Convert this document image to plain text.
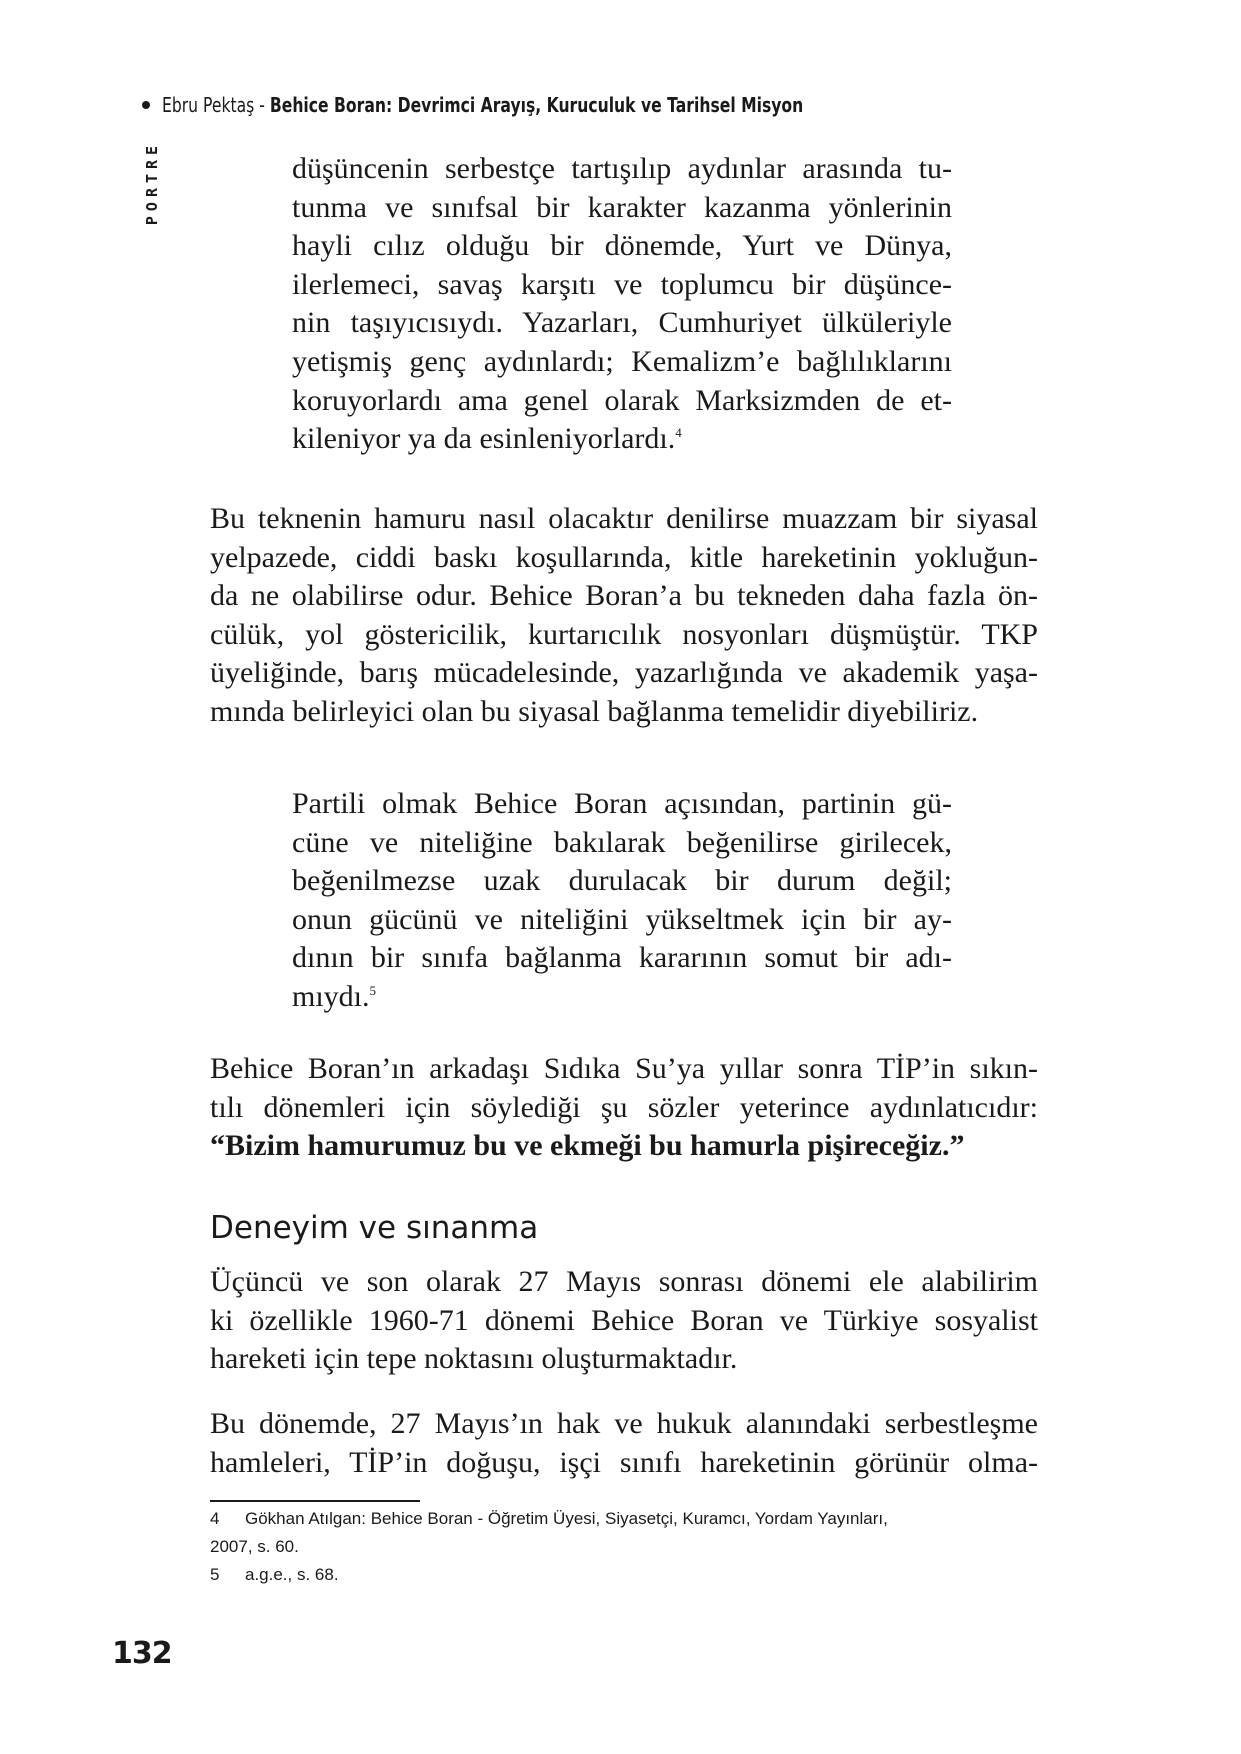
Ebru Pektaş - Behice Boran: Devrimci Arayış, Kuruculuk ve Tarihsel Misyon
PORTRE	düşüncenin serbestçe tartışılıp aydınlar arasında tu-
tunma ve sınıfsal bir karakter kazanma yönlerinin
hayli cılız olduğu bir dönemde, Yurt ve Dünya,
ilerlemeci, savaş karşıtı ve toplumcu bir düşünce-
nin taşıyıcısıydı. Yazarları, Cumhuriyet ülküleriyle
yetişmiş genç aydınlardı; Kemalizm’e bağlılıklarını
koruyorlardı ama genel olarak Marksizmden de et-
kileniyor ya da esinleniyorlardı.$^4$
Bu teknenin hamuru nasıl olacaktır denilirse muazzam bir siyasal
yelpazede, ciddi baskı koşullarında, kitle hareketinin yokluğun-
da ne olabilirse odur. Behice Boran’a bu tekneden daha fazla ön-
cülük, yol göstericilik, kurtarıcılık nosyonları düşmüştür. TKP
üyeliğinde, barış mücadelesinde, yazarlığında ve akademik yaşa-
mında belirleyici olan bu siyasal bağlanma temelidir diyebiliriz.
Partili olmak Behice Boran açısından, partinin gü-
cüne ve niteliğine bakılarak beğenilirse girilecek,
beğenilmezse uzak durulacak bir durum değil;
onun gücünü ve niteliğini yükseltmek için bir ay-
dının bir sınıfa bağlanma kararının somut bir adı-
mıydı.$^5$
Behice Boran’ın arkadaşı Sıdıka Su’ya yıllar sonra TİP’in sıkın-
tılı dönemleri için söylediği şu sözler yeterince aydınlatıcıdır:
“Bizim hamurumuz bu ve ekmeği bu hamurla pişireceğiz.”
Deneyim ve sınanma
Üçüncü ve son olarak 27 Mayıs sonrası dönemi ele alabilirim
ki özellikle 1960-71 dönemi Behice Boran ve Türkiye sosyalist
hareketi için tepe noktasını oluşturmaktadır.
Bu dönemde, 27 Mayıs’ın hak ve hukuk alanındaki serbestleşme
hamleleri, TİP’in doğuşu, işçi sınıfı hareketinin görünür olma-

4 Gökhan Atılgan: Behice Boran - Öğretim Üyesi, Siyasetçi, Kuramcı, Yordam Yayınları,
2007, s. 60.

5 a.g.e., s. 68.

132
